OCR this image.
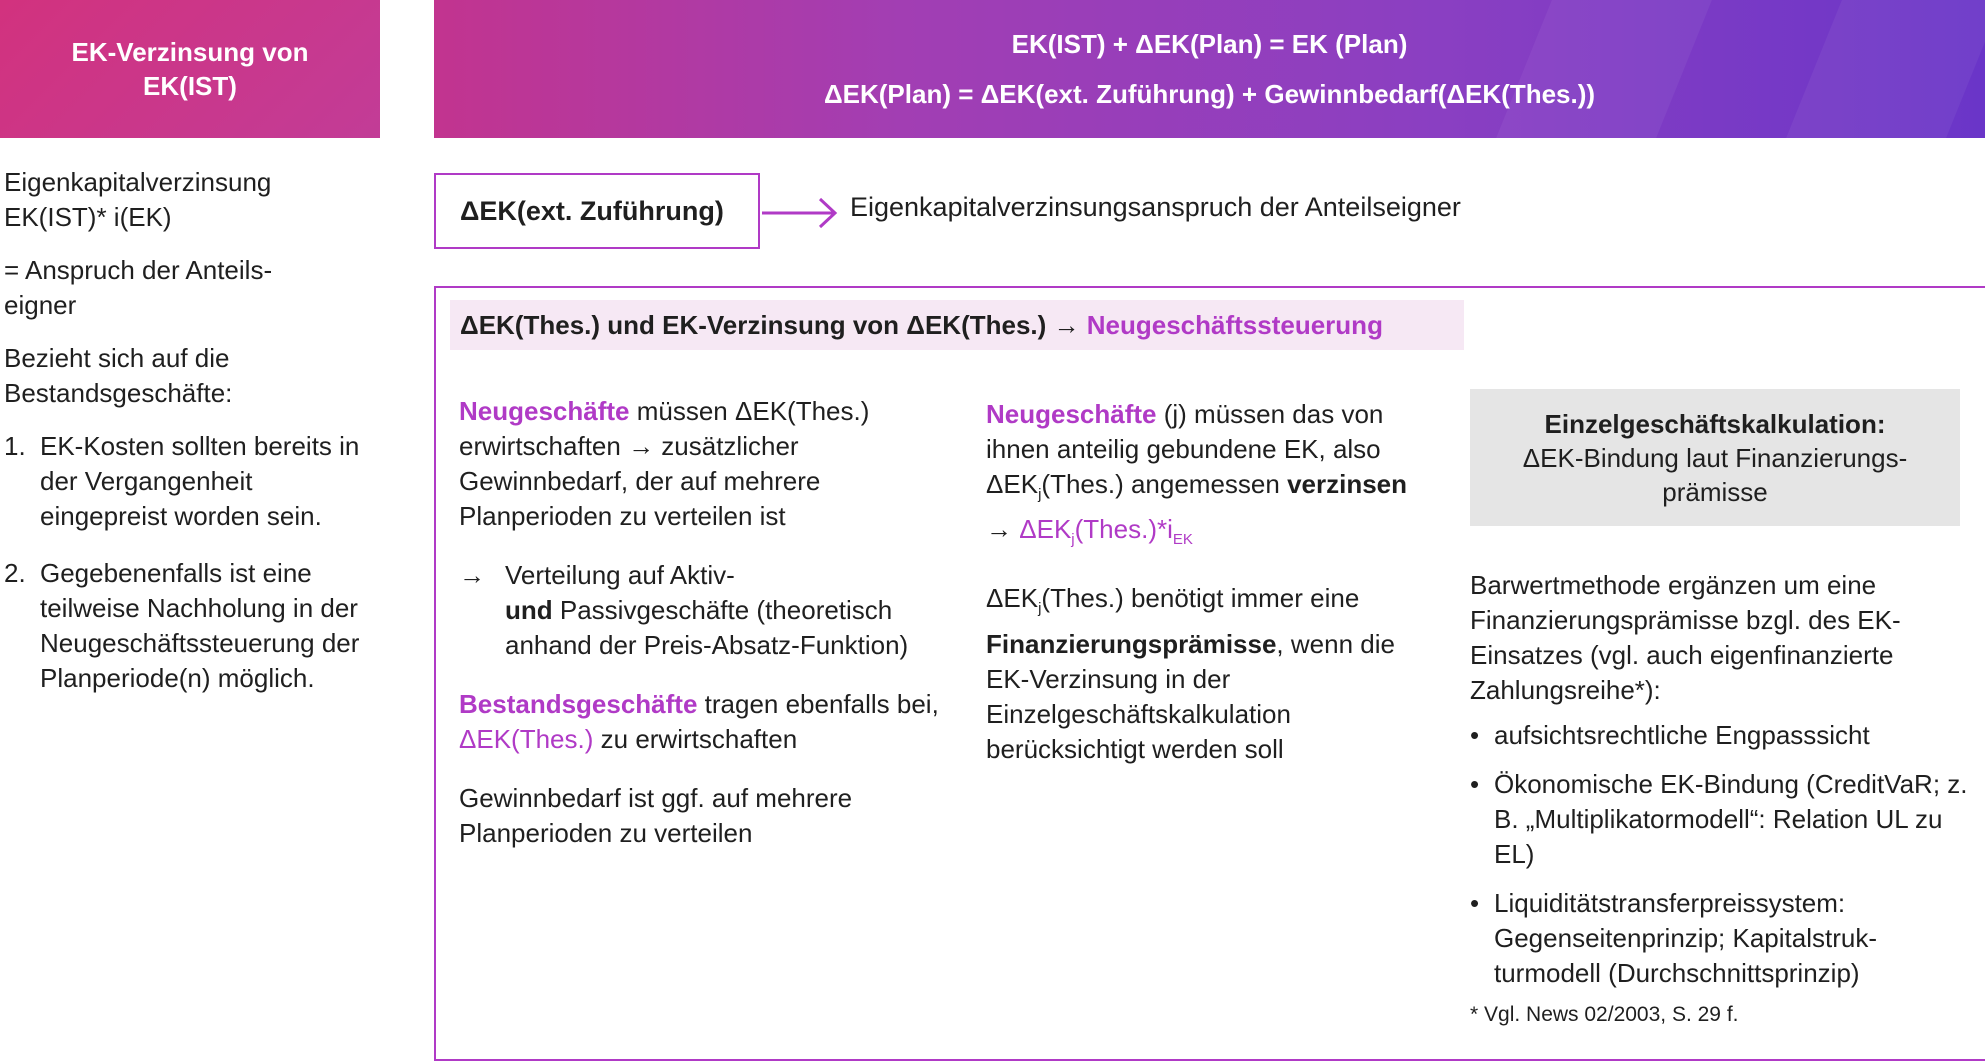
EK-Verzinsung von
EK(IST)
EK(IST) + ΔEK(Plan) = EK (Plan)
ΔEK(Plan) = ΔEK(ext. Zuführung) + Gewinnbedarf(ΔEK(Thes.))

Eigenkapitalverzinsung
EK(IST)* i(EK)

= Anspruch der Anteils-
eigner

Bezieht sich auf die
Bestandsgeschäfte:

1. EK-Kosten sollten bereits in der Vergangenheit eingepreist worden sein.
2. Gegebenenfalls ist eine teilweise Nachholung in der Neugeschäftssteuerung der Planperiode(n) möglich.
ΔEK(ext. Zuführung)	Eigenkapitalverzinsungsanspruch der Anteilseigner
ΔEK(Thes.) und EK-Verzinsung von ΔEK(Thes.) →
Neugeschäftssteuerung

Neugeschäfte müssen ΔEK(Thes.) erwirtschaften → zusätzlicher Gewinnbedarf, der auf mehrere Planperioden zu verteilen ist

→ Verteilung auf Aktiv-
und Passivgeschäfte (theoretisch anhand der Preis-Absatz-Funktion)

Bestandsgeschäfte tragen ebenfalls bei, ΔEK(Thes.) zu erwirtschaften

Gewinnbedarf ist ggf. auf mehrere Planperioden zu verteilen

Neugeschäfte (j) müssen das von ihnen anteilig gebundene EK, also $\Delta EK_j(Thes.)$ angemessen verzinsen → $\Delta EK_j(Thes.)*i_{EK}$

$\Delta EK_j(Thes.)$ benötigt immer eine Finanzierungsprämisse, wenn die EK-Verzinsung in der Einzelgeschäftskalkulation berücksichtigt werden soll

Einzelgeschäftskalkulation:
ΔEK-Bindung laut Finanzierungs-
prämisse

Barwertmethode ergänzen um eine Finanzierungsprämisse bzgl. des EK-Einsatzes (vgl. auch eigenfinanzierte Zahlungsreihe*):

• aufsichtsrechtliche Engpasssicht
• Ökonomische EK-Bindung (CreditVaR; z. B. „Multiplikatormodell“: Relation UL zu EL)
• Liquiditätstransferpreissystem: Gegenseitenprinzip; Kapitalstrukturmodell (Durchschnittsprinzip)
* Vgl. News 02/2003, S. 29 f.
